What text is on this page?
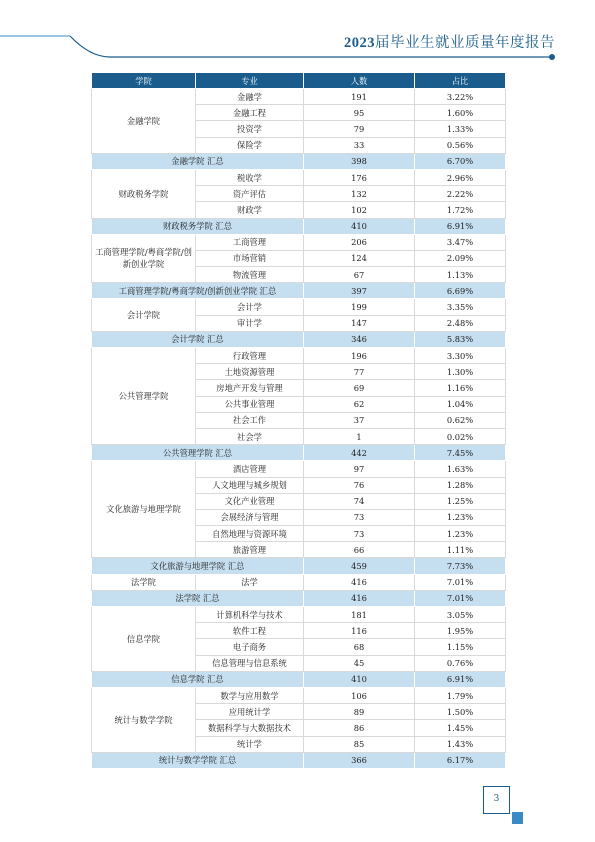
2023届毕业生就业质量年度报告
学院	专业	人数	占比
金融学院	金融学	191	3.22%
	金融工程	95	1.60%
	投资学	79	1.33%
	保险学	33	0.56%
金融学院 汇总		398	6.70%
财政税务学院	税收学	176	2.96%
	资产评估	132	2.22%
	财政学	102	1.72%
财政税务学院 汇总		410	6.91%
工商管理学院/粤商学院/创新创业学院	工商管理	206	3.47%
	市场营销	124	2.09%
	物流管理	67	1.13%
工商管理学院/粤商学院/创新创业学院 汇总		397	6.69%
会计学院	会计学	199	3.35%
	审计学	147	2.48%
会计学院 汇总		346	5.83%
公共管理学院	行政管理	196	3.30%
	土地资源管理	77	1.30%
	房地产开发与管理	69	1.16%
	公共事业管理	62	1.04%
	社会工作	37	0.62%
	社会学	1	0.02%
公共管理学院 汇总		442	7.45%
文化旅游与地理学院	酒店管理	97	1.63%
	人文地理与城乡规划	76	1.28%
	文化产业管理	74	1.25%
	会展经济与管理	73	1.23%
	自然地理与资源环境	73	1.23%
	旅游管理	66	1.11%
文化旅游与地理学院 汇总		459	7.73%
法学院	法学	416	7.01%
法学院 汇总		416	7.01%
信息学院	计算机科学与技术	181	3.05%
	软件工程	116	1.95%
	电子商务	68	1.15%
	信息管理与信息系统	45	0.76%
信息学院 汇总		410	6.91%
统计与数学学院	数学与应用数学	106	1.79%
	应用统计学	89	1.50%
	数据科学与大数据技术	86	1.45%
	统计学	85	1.43%
统计与数学学院 汇总		366	6.17%
3
